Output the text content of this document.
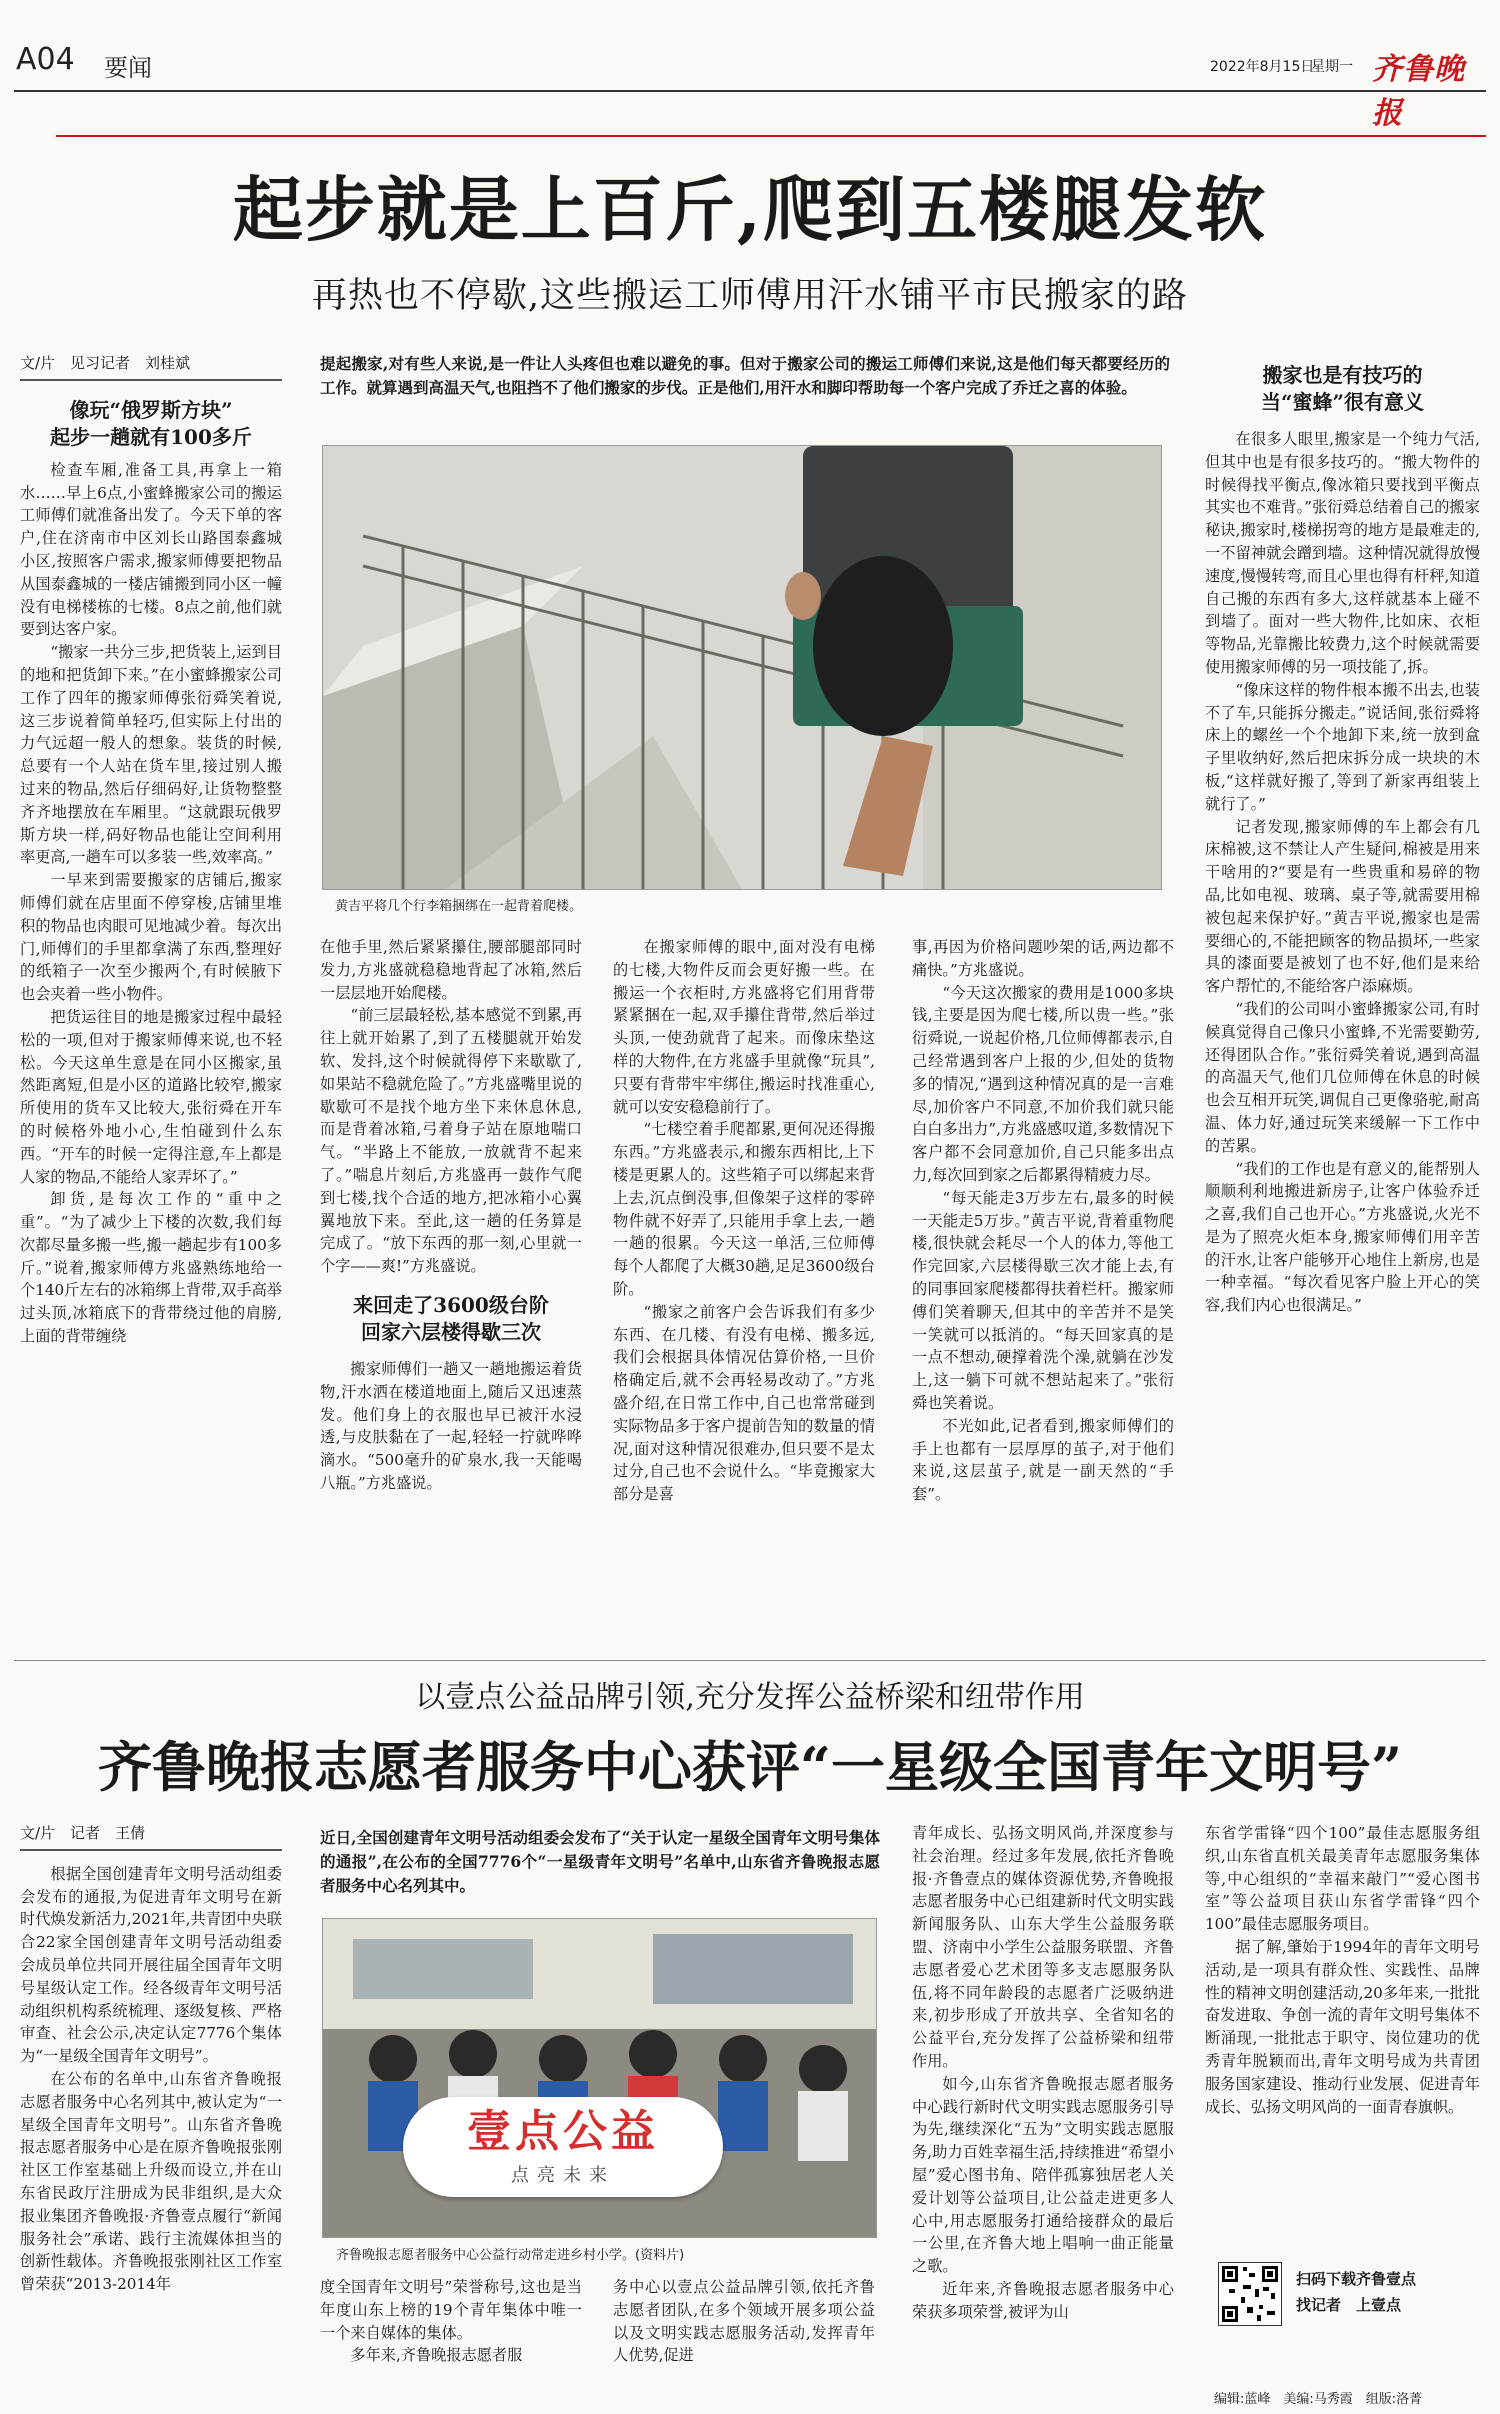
A04 要闻	2022年8月15日
星期一 齐鲁晚报
起步就是上百斤,爬到五楼腿发软
再热也不停歇,这些搬运工师傅用汗水铺平市民搬家的路
文/片　见习记者　刘桂斌
像玩“俄罗斯方块”
起步一趟就有100多斤

检查车厢,准备工具,再拿上一箱水……早上6点,小蜜蜂搬家公司的搬运工师傅们就准备出发了。今天下单的客户,住在济南市中区刘长山路国泰鑫城小区,按照客户需求,搬家师傅要把物品从国泰鑫城的一楼店铺搬到同小区一幢没有电梯楼栋的七楼。8点之前,他们就要到达客户家。

“搬家一共分三步,把货装上,运到目的地和把货卸下来。”在小蜜蜂搬家公司工作了四年的搬家师傅张衍舜笑着说,这三步说着简单轻巧,但实际上付出的力气远超一般人的想象。装货的时候,总要有一个人站在货车里,接过别人搬过来的物品,然后仔细码好,让货物整整齐齐地摆放在车厢里。“这就跟玩俄罗斯方块一样,码好物品也能让空间利用率更高,一趟车可以多装一些,效率高。”

一早来到需要搬家的店铺后,搬家师傅们就在店里面不停穿梭,店铺里堆积的物品也肉眼可见地减少着。每次出门,师傅们的手里都拿满了东西,整理好的纸箱子一次至少搬两个,有时候腋下也会夹着一些小物件。

把货运往目的地是搬家过程中最轻松的一项,但对于搬家师傅来说,也不轻松。今天这单生意是在同小区搬家,虽然距离短,但是小区的道路比较窄,搬家所使用的货车又比较大,张衍舜在开车的时候格外地小心,生怕碰到什么东西。“开车的时候一定得注意,车上都是人家的物品,不能给人家弄坏了。”

卸货,是每次工作的“重中之重”。“为了减少上下楼的次数,我们每次都尽量多搬一些,搬一趟起步有100多斤。”说着,搬家师傅方兆盛熟练地给一个140斤左右的冰箱绑上背带,双手高举过头顶,冰箱底下的背带绕过他的肩膀,上面的背带缠绕

提起搬家,对有些人来说,是一件让人头疼但也难以避免的事。但对于搬家公司的搬运工师傅们来说,这是他们每天都要经历的工作。就算遇到高温天气,也阻挡不了他们搬家的步伐。正是他们,用汗水和脚印帮助每一个客户完成了乔迁之喜的体验。
黄吉平将几个行李箱捆绑在一起背着爬楼。

在他手里,然后紧紧攥住,腰部腿部同时发力,方兆盛就稳稳地背起了冰箱,然后一层层地开始爬楼。

“前三层最轻松,基本感觉不到累,再往上就开始累了,到了五楼腿就开始发软、发抖,这个时候就得停下来歇歇了,如果站不稳就危险了。”方兆盛嘴里说的歇歇可不是找个地方坐下来休息休息,而是背着冰箱,弓着身子站在原地喘口气。“半路上不能放,一放就背不起来了。”喘息片刻后,方兆盛再一鼓作气爬到七楼,找个合适的地方,把冰箱小心翼翼地放下来。至此,这一趟的任务算是完成了。“放下东西的那一刻,心里就一个字——爽!”方兆盛说。

来回走了3600级台阶
回家六层楼得歇三次

搬家师傅们一趟又一趟地搬运着货物,汗水洒在楼道地面上,随后又迅速蒸发。他们身上的衣服也早已被汗水浸透,与皮肤黏在了一起,轻轻一拧就哗哗滴水。“500毫升的矿泉水,我一天能喝八瓶。”方兆盛说。

在搬家师傅的眼中,面对没有电梯的七楼,大物件反而会更好搬一些。在搬运一个衣柜时,方兆盛将它们用背带紧紧捆在一起,双手攥住背带,然后举过头顶,一使劲就背了起来。而像床垫这样的大物件,在方兆盛手里就像“玩具”,只要有背带牢牢绑住,搬运时找准重心,就可以安安稳稳前行了。

“七楼空着手爬都累,更何况还得搬东西。”方兆盛表示,和搬东西相比,上下楼是更累人的。这些箱子可以绑起来背上去,沉点倒没事,但像架子这样的零碎物件就不好弄了,只能用手拿上去,一趟一趟的很累。今天这一单活,三位师傅每个人都爬了大概30趟,足足3600级台阶。

“搬家之前客户会告诉我们有多少东西、在几楼、有没有电梯、搬多远,我们会根据具体情况估算价格,一旦价格确定后,就不会再轻易改动了。”方兆盛介绍,在日常工作中,自己也常常碰到实际物品多于客户提前告知的数量的情况,面对这种情况很难办,但只要不是太过分,自己也不会说什么。“毕竟搬家大部分是喜

事,再因为价格问题吵架的话,两边都不痛快。”方兆盛说。

“今天这次搬家的费用是1000多块钱,主要是因为爬七楼,所以贵一些。”张衍舜说,一说起价格,几位师傅都表示,自己经常遇到客户上报的少,但处的货物多的情况,“遇到这种情况真的是一言难尽,加价客户不同意,不加价我们就只能白白多出力”,方兆盛感叹道,多数情况下客户都不会同意加价,自己只能多出点力,每次回到家之后都累得精疲力尽。

“每天能走3万步左右,最多的时候一天能走5万步。”黄吉平说,背着重物爬楼,很快就会耗尽一个人的体力,等他工作完回家,六层楼得歇三次才能上去,有的同事回家爬楼都得扶着栏杆。搬家师傅们笑着聊天,但其中的辛苦并不是笑一笑就可以抵消的。“每天回家真的是一点不想动,硬撑着洗个澡,就躺在沙发上,这一躺下可就不想站起来了。”张衍舜也笑着说。

不光如此,记者看到,搬家师傅们的手上也都有一层厚厚的茧子,对于他们来说,这层茧子,就是一副天然的“手套”。

搬家也是有技巧的
当“蜜蜂”很有意义

在很多人眼里,搬家是一个纯力气活,但其中也是有很多技巧的。“搬大物件的时候得找平衡点,像冰箱只要找到平衡点其实也不难背。”张衍舜总结着自己的搬家秘诀,搬家时,楼梯拐弯的地方是最难走的,一不留神就会蹭到墙。这种情况就得放慢速度,慢慢转弯,而且心里也得有杆秤,知道自己搬的东西有多大,这样就基本上碰不到墙了。面对一些大物件,比如床、衣柜等物品,光靠搬比较费力,这个时候就需要使用搬家师傅的另一项技能了,拆。

“像床这样的物件根本搬不出去,也装不了车,只能拆分搬走。”说话间,张衍舜将床上的螺丝一个个地卸下来,统一放到盒子里收纳好,然后把床拆分成一块块的木板,“这样就好搬了,等到了新家再组装上就行了。”

记者发现,搬家师傅的车上都会有几床棉被,这不禁让人产生疑问,棉被是用来干啥用的?“要是有一些贵重和易碎的物品,比如电视、玻璃、桌子等,就需要用棉被包起来保护好。”黄吉平说,搬家也是需要细心的,不能把顾客的物品损坏,一些家具的漆面要是被划了也不好,他们是来给客户帮忙的,不能给客户添麻烦。

“我们的公司叫小蜜蜂搬家公司,有时候真觉得自己像只小蜜蜂,不光需要勤劳,还得团队合作。”张衍舜笑着说,遇到高温的高温天气,他们几位师傅在休息的时候也会互相开玩笑,调侃自己更像骆驼,耐高温、体力好,通过玩笑来缓解一下工作中的苦累。

“我们的工作也是有意义的,能帮别人顺顺利利地搬进新房子,让客户体验乔迁之喜,我们自己也开心。”方兆盛说,火光不是为了照亮火炬本身,搬家师傅们用辛苦的汗水,让客户能够开心地住上新房,也是一种幸福。“每次看见客户脸上开心的笑容,我们内心也很满足。”

以壹点公益品牌引领,充分发挥公益桥梁和纽带作用
齐鲁晚报志愿者服务中心获评“一星级全国青年文明号”
文/片　记者　王倩

根据全国创建青年文明号活动组委会发布的通报,为促进青年文明号在新时代焕发新活力,2021年,共青团中央联合22家全国创建青年文明号活动组委会成员单位共同开展往届全国青年文明号星级认定工作。经各级青年文明号活动组织机构系统梳理、逐级复核、严格审查、社会公示,决定认定7776个集体为“一星级全国青年文明号”。

在公布的名单中,山东省齐鲁晚报志愿者服务中心名列其中,被认定为“一星级全国青年文明号”。山东省齐鲁晚报志愿者服务中心是在原齐鲁晚报张刚社区工作室基础上升级而设立,并在山东省民政厅注册成为民非组织,是大众报业集团齐鲁晚报·齐鲁壹点履行“新闻服务社会”承诺、践行主流媒体担当的创新性载体。齐鲁晚报张刚社区工作室曾荣获“2013-2014年

近日,全国创建青年文明号活动组委会发布了“关于认定一星级全国青年文明号集体的通报”,在公布的全国7776个“一星级青年文明号”名单中,山东省齐鲁晚报志愿者服务中心名列其中。
壹点公益
点亮未来
齐鲁晚报志愿者服务中心公益行动常走进乡村小学。(资料片)

度全国青年文明号”荣誉称号,这也是当年度山东上榜的19个青年集体中唯一一个来自媒体的集体。

多年来,齐鲁晚报志愿者服

务中心以壹点公益品牌引领,依托齐鲁志愿者团队,在多个领域开展多项公益以及文明实践志愿服务活动,发挥青年人优势,促进

青年成长、弘扬文明风尚,并深度参与社会治理。经过多年发展,依托齐鲁晚报·齐鲁壹点的媒体资源优势,齐鲁晚报志愿者服务中心已组建新时代文明实践新闻服务队、山东大学生公益服务联盟、济南中小学生公益服务联盟、齐鲁志愿者爱心艺术团等多支志愿服务队伍,将不同年龄段的志愿者广泛吸纳进来,初步形成了开放共享、全省知名的公益平台,充分发挥了公益桥梁和纽带作用。

如今,山东省齐鲁晚报志愿者服务中心践行新时代文明实践志愿服务引导为先,继续深化“五为”文明实践志愿服务,助力百姓幸福生活,持续推进“希望小屋”爱心图书角、陪伴孤寡独居老人关爱计划等公益项目,让公益走进更多人心中,用志愿服务打通给接群众的最后一公里,在齐鲁大地上唱响一曲正能量之歌。

近年来,齐鲁晚报志愿者服务中心荣获多项荣誉,被评为山

东省学雷锋“四个100”最佳志愿服务组织,山东省直机关最美青年志愿服务集体等,中心组织的“幸福来敲门”“爱心图书室”等公益项目获山东省学雷锋“四个100”最佳志愿服务项目。

据了解,肇始于1994年的青年文明号活动,是一项具有群众性、实践性、品牌性的精神文明创建活动,20多年来,一批批奋发进取、争创一流的青年文明号集体不断涌现,一批批志于职守、岗位建功的优秀青年脱颖而出,青年文明号成为共青团服务国家建设、推动行业发展、促进青年成长、弘扬文明风尚的一面青春旗帜。

扫码下载齐鲁壹点
找记者　上壹点
编辑:蓝峰　美编:马秀霞　组版:洛菁
